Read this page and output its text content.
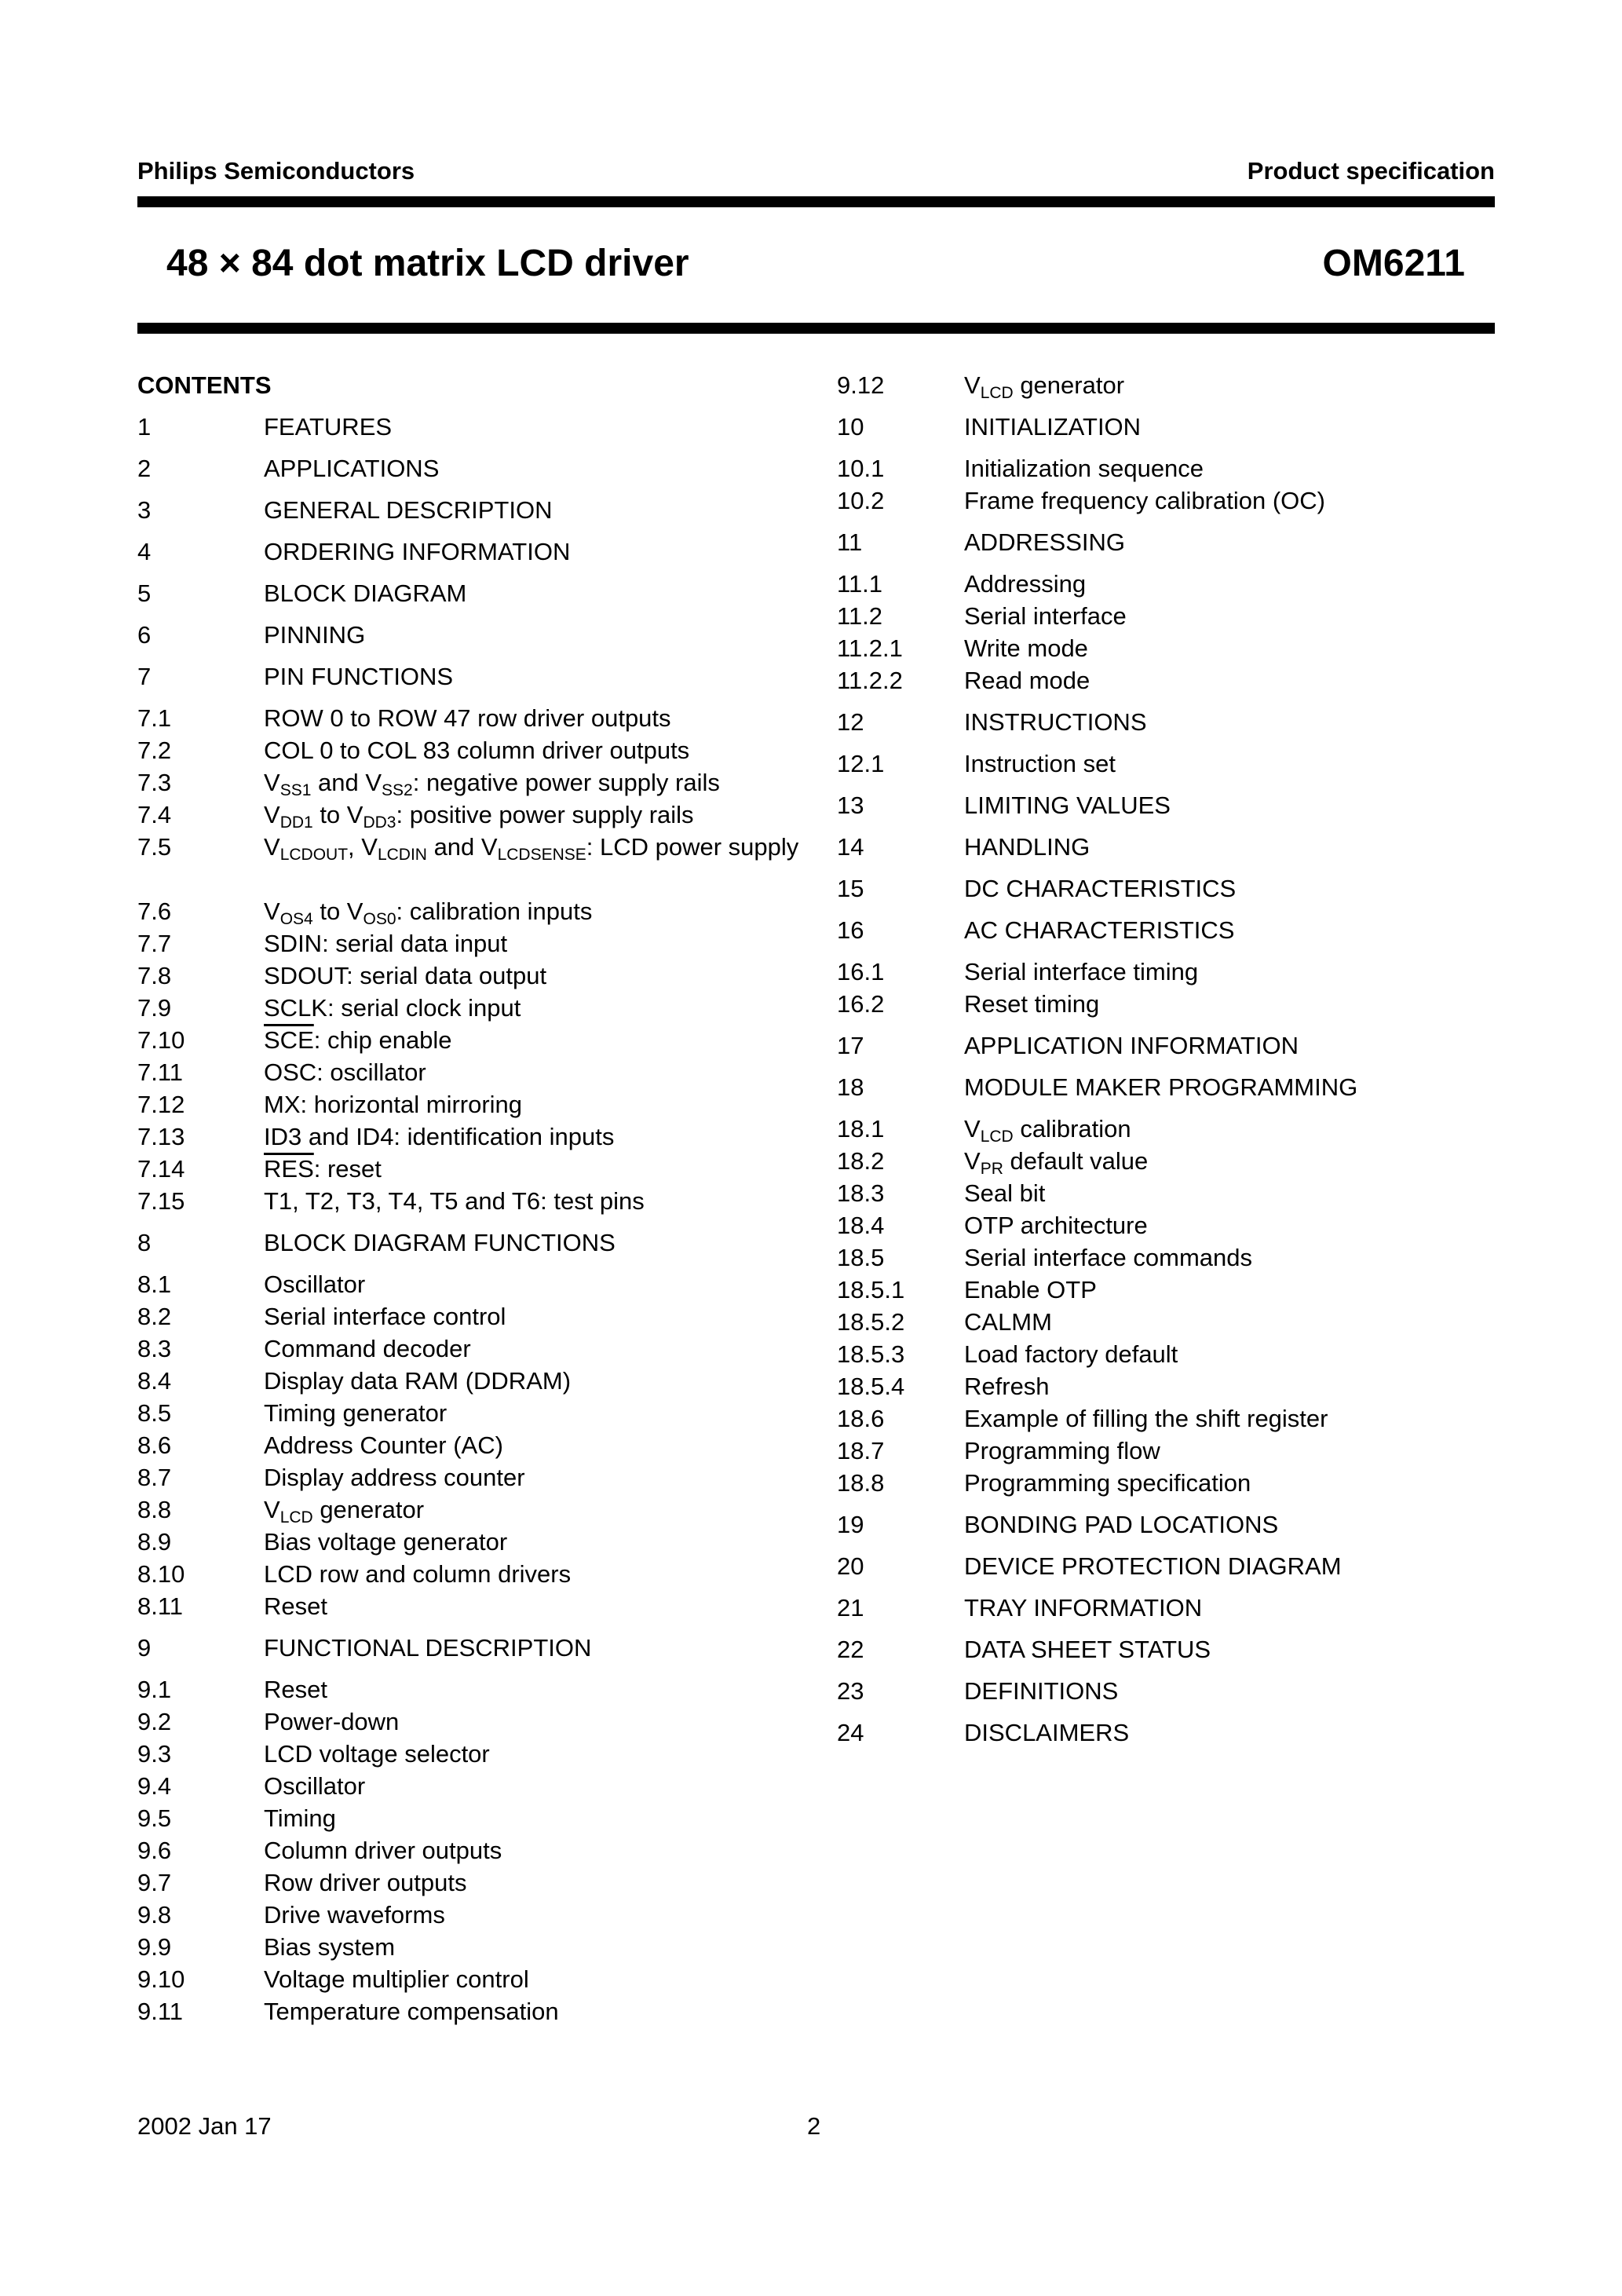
Philips Semiconductors	Product specification
48 × 84 dot matrix LCD driver	OM6211
CONTENTS
1	FEATURES
2	APPLICATIONS
3	GENERAL DESCRIPTION
4	ORDERING INFORMATION
5	BLOCK DIAGRAM
6	PINNING
7	PIN FUNCTIONS
7.1	ROW 0 to ROW 47 row driver outputs
7.2	COL 0 to COL 83 column driver outputs
7.3	$V_{SS1}$ and $V_{SS2}$: negative power supply rails
7.4	$V_{DD1}$ to $V_{DD3}$: positive power supply rails
7.5	$V_{LCDOUT}$, $V_{LCDIN}$ and $V_{LCDSENSE}$: LCD power supply
7.6	$V_{OS4}$ to $V_{OS0}$: calibration inputs
7.7	SDIN: serial data input
7.8	SDOUT: serial data output
7.9	SCLK: serial clock input
7.10	$\overline{SCE}$: chip enable
7.11	OSC: oscillator
7.12	MX: horizontal mirroring
7.13	ID3 and ID4: identification inputs
7.14	$\overline{RES}$: reset
7.15	T1, T2, T3, T4, T5 and T6: test pins
8	BLOCK DIAGRAM FUNCTIONS
8.1	Oscillator
8.2	Serial interface control
8.3	Command decoder
8.4	Display data RAM (DDRAM)
8.5	Timing generator
8.6	Address Counter (AC)
8.7	Display address counter
8.8	$V_{LCD}$ generator
8.9	Bias voltage generator
8.10	LCD row and column drivers
8.11	Reset
9	FUNCTIONAL DESCRIPTION
9.1	Reset
9.2	Power-down
9.3	LCD voltage selector
9.4	Oscillator
9.5	Timing
9.6	Column driver outputs
9.7	Row driver outputs
9.8	Drive waveforms
9.9	Bias system
9.10	Voltage multiplier control
9.11	Temperature compensation
9.12	$V_{LCD}$ generator
10	INITIALIZATION
10.1	Initialization sequence
10.2	Frame frequency calibration (OC)
11	ADDRESSING
11.1	Addressing
11.2	Serial interface
11.2.1	Write mode
11.2.2	Read mode
12	INSTRUCTIONS
12.1	Instruction set
13	LIMITING VALUES
14	HANDLING
15	DC CHARACTERISTICS
16	AC CHARACTERISTICS
16.1	Serial interface timing
16.2	Reset timing
17	APPLICATION INFORMATION
18	MODULE MAKER PROGRAMMING
18.1	$V_{LCD}$ calibration
18.2	$V_{PR}$ default value
18.3	Seal bit
18.4	OTP architecture
18.5	Serial interface commands
18.5.1 Enable OTP
18.5.2 CALMM
18.5.3 Load factory default
18.5.4 Refresh
18.6	Example of filling the shift register
18.7	Programming flow
18.8	Programming specification
19	BONDING PAD LOCATIONS
20	DEVICE PROTECTION DIAGRAM
21	TRAY INFORMATION
22	DATA SHEET STATUS
23	DEFINITIONS
24	DISCLAIMERS
2002 Jan 17	2
